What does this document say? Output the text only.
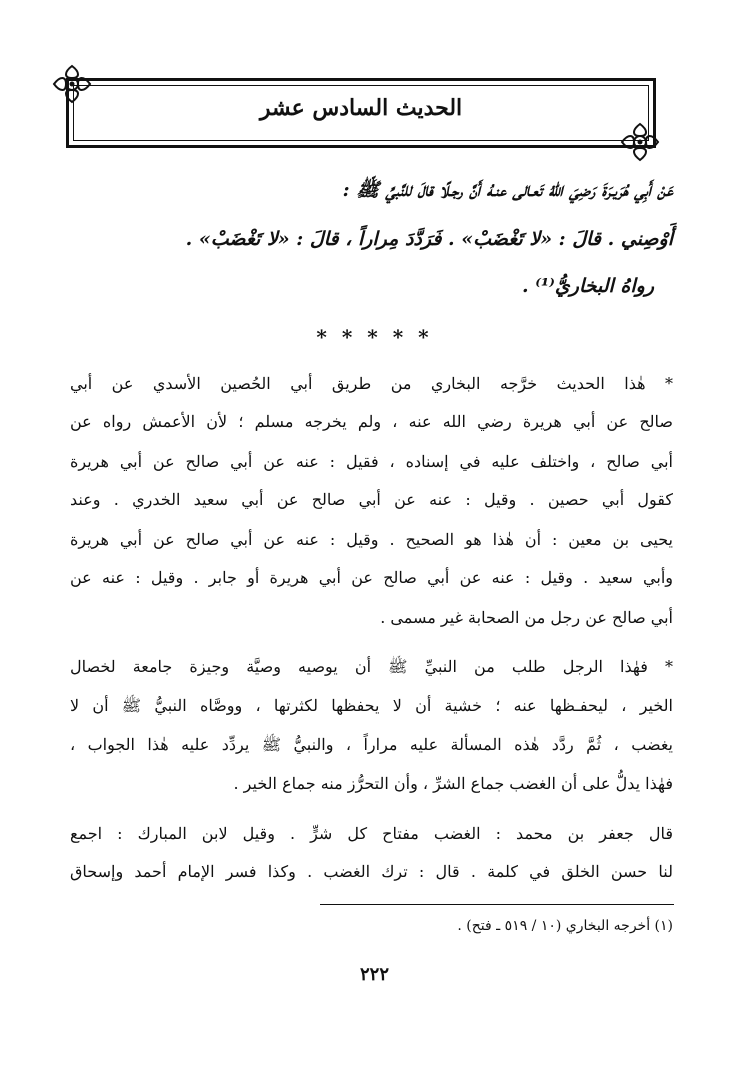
الحديث السادس عشر
عَنْ أَبِي هُرَيـرَةَ رَضِيَ اللهُ تَعـالى عنـهُ أَنَّ رجـلًا قالَ للنَّبيِّ ﷺ :
أَوْصِني . قالَ : «لا تَغْضَبْ» . فَرَدَّدَ مِراراً ، قالَ : «لا تَغْضَبْ» .
رواهُ البخاريُّ⁽¹⁾ .
* * * * *
* هٰذا الحديث خرَّجه البخاري من طريق أبي الحُصين الأسدي عن أبي
صالح عن أبي هريرة رضي الله عنه ، ولم يخرجه مسلم ؛ لأن الأعمش رواه عن
أبي صالح ، واختلف عليه في إسناده ، فقيل : عنه عن أبي صالح عن أبي هريرة
كقول أبي حصين . وقيل : عنه عن أبي صالح عن أبي سعيد الخدري . وعند
يحيى بن معين : أن هٰذا هو الصحيح . وقيل : عنه عن أبي صالح عن أبي هريرة
وأبي سعيد . وقيل : عنه عن أبي صالح عن أبي هريرة أو جابر . وقيل : عنه عن
أبي صالح عن رجل من الصحابة غير مسمى .
* فهٰذا الرجل طلب من النبيِّ ﷺ أن يوصيه وصيَّة وجيزة جامعة لخصال
الخير ، ليحفـظها عنه ؛ خشية أن لا يحفظها لكثرتها ، ووصَّاه النبيُّ ﷺ أن لا
يغضب ، ثُمَّ ردَّد هٰذه المسألة عليه مراراً ، والنبيُّ ﷺ يردِّد عليه هٰذا الجواب ،
فهٰذا يدلُّ على أن الغضب جماع الشرِّ ، وأن التحرُّز منه جماع الخير .
قال جعفر بن محمد : الغضب مفتاح كل شرٍّ . وقيل لابن المبارك : اجمع
لنا حسن الخلق في كلمة . قال : ترك الغضب . وكذا فسر الإمام أحمد وإسحاق
(١) أخرجه البخاري (١٠ / ٥١٩ ـ فتح) .
٢٢٢
